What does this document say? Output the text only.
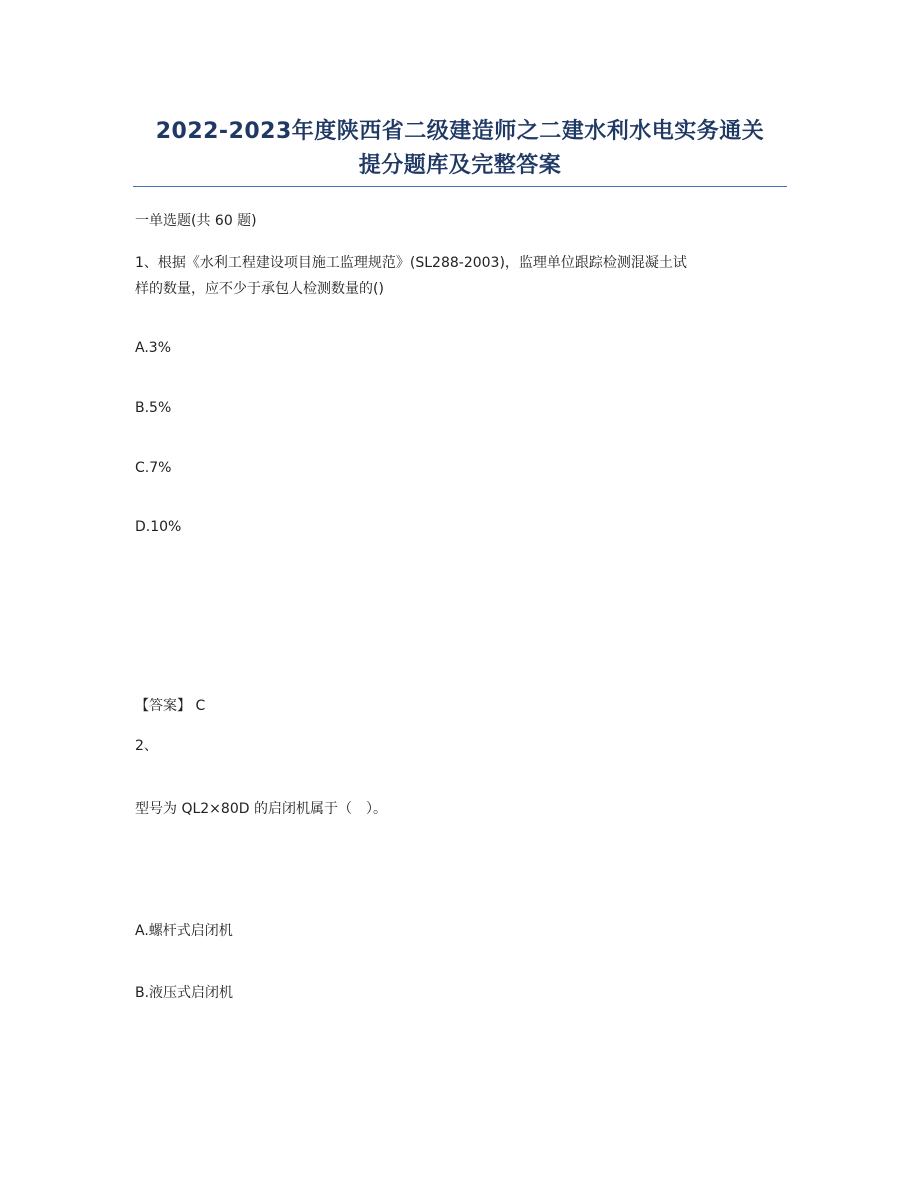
2022-2023年度陕西省二级建造师之二建水利水电实务通关
提分题库及完整答案
一单选题(共 60 题)
1、根据《水利工程建设项目施工监理规范》(SL288-2003)，监理单位跟踪检测混凝土试
样的数量，应不少于承包人检测数量的()
A.3%
B.5%
C.7%
D.10%
【答案】 C
2、
型号为 QL2×80D 的启闭机属于（　）。
A.螺杆式启闭机
B.液压式启闭机
